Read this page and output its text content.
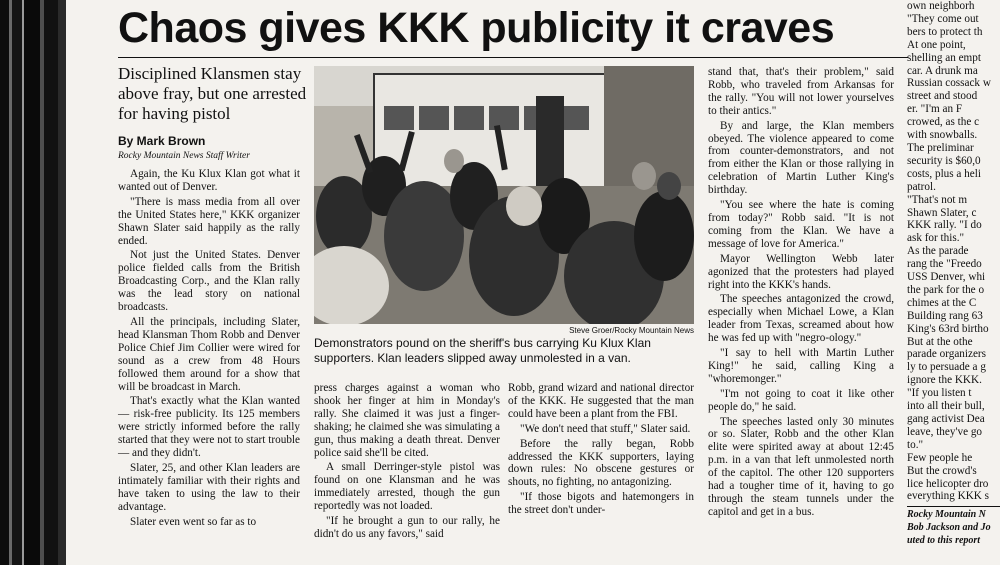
Chaos gives KKK publicity it craves
Disciplined Klansmen stay above fray, but one arrested for having pistol
By Mark Brown
Rocky Mountain News Staff Writer

Again, the Ku Klux Klan got what it wanted out of Denver.

"There is mass media from all over the United States here," KKK organizer Shawn Slater said happily as the rally ended.

Not just the United States. Denver police fielded calls from the British Broadcasting Corp., and the Klan rally was the lead story on national broadcasts.

All the principals, including Slater, head Klansman Thom Robb and Denver Police Chief Jim Collier were wired for sound as a crew from 48 Hours followed them around for a show that will be broadcast in March.

That's exactly what the Klan wanted — risk-free publicity. Its 125 members were strictly informed before the rally started that they were not to start trouble — and they didn't.

Slater, 25, and other Klan leaders are intimately familiar with their rights and have taken to using the law to their advantage.

Slater even went so far as to

Steve Groer/Rocky Mountain News
Demonstrators pound on the sheriff's bus carrying Ku Klux Klan supporters. Klan leaders slipped away unmolested in a van.

press charges against a woman who shook her finger at him in Monday's rally. She claimed it was just a finger-shaking; he claimed she was simulating a gun, thus making a death threat. Denver police said she'll be cited.

A small Derringer-style pistol was found on one Klansman and he was immediately arrested, though the gun reportedly was not loaded.

"If he brought a gun to our rally, he didn't do us any favors," said

Robb, grand wizard and national director of the KKK. He suggested that the man could have been a plant from the FBI.

"We don't need that stuff," Slater said.

Before the rally began, Robb addressed the KKK supporters, laying down rules: No obscene gestures or shouts, no fighting, no antagonizing.

"If those bigots and hatemongers in the street don't under-

stand that, that's their problem," said Robb, who traveled from Arkansas for the rally. "You will not lower yourselves to their antics."

By and large, the Klan members obeyed. The violence appeared to come from counter-demonstrators, and not from either the Klan or those rallying in celebration of Martin Luther King's birthday.

"You see where the hate is coming from today?" Robb said. "It is not coming from the Klan. We have a message of love for America."

Mayor Wellington Webb later agonized that the protesters had played right into the KKK's hands.

The speeches antagonized the crowd, especially when Michael Lowe, a Klan leader from Texas, screamed about how he was fed up with "negro-ology."

"I say to hell with Martin Luther King!" he said, calling King a "whoremonger."

"I'm not going to coat it like other people do," he said.

The speeches lasted only 30 minutes or so. Slater, Robb and the other Klan elite were spirited away at about 12:45 p.m. in a van that left unmolested north of the capitol. The other 120 supporters had a tougher time of it, having to go through the steam tunnels under the capitol and get in a bus.

own neighborh

"They come out

bers to protect th

At one point,

shelling an empt

car. A drunk ma

Russian cossack w

street and stood

er. "I'm an F

crowed, as the c

with snowballs.

The preliminar

security is $60,0

costs, plus a heli

patrol.

"That's not m

Shawn Slater, c

KKK rally. "I do

ask for this."

As the parade

rang the "Freedo

USS Denver, whi

the park for the o

chimes at the C

Building rang 63

King's 63rd birtho

But at the othe

parade organizers

ly to persuade a g

ignore the KKK.

"If you listen t

into all their bull,

gang activist Dea

leave, they've go

to."

Few people he

But the crowd's

lice helicopter dro

everything KKK s

Rocky Mountain N

Bob Jackson and Jo

uted to this report
